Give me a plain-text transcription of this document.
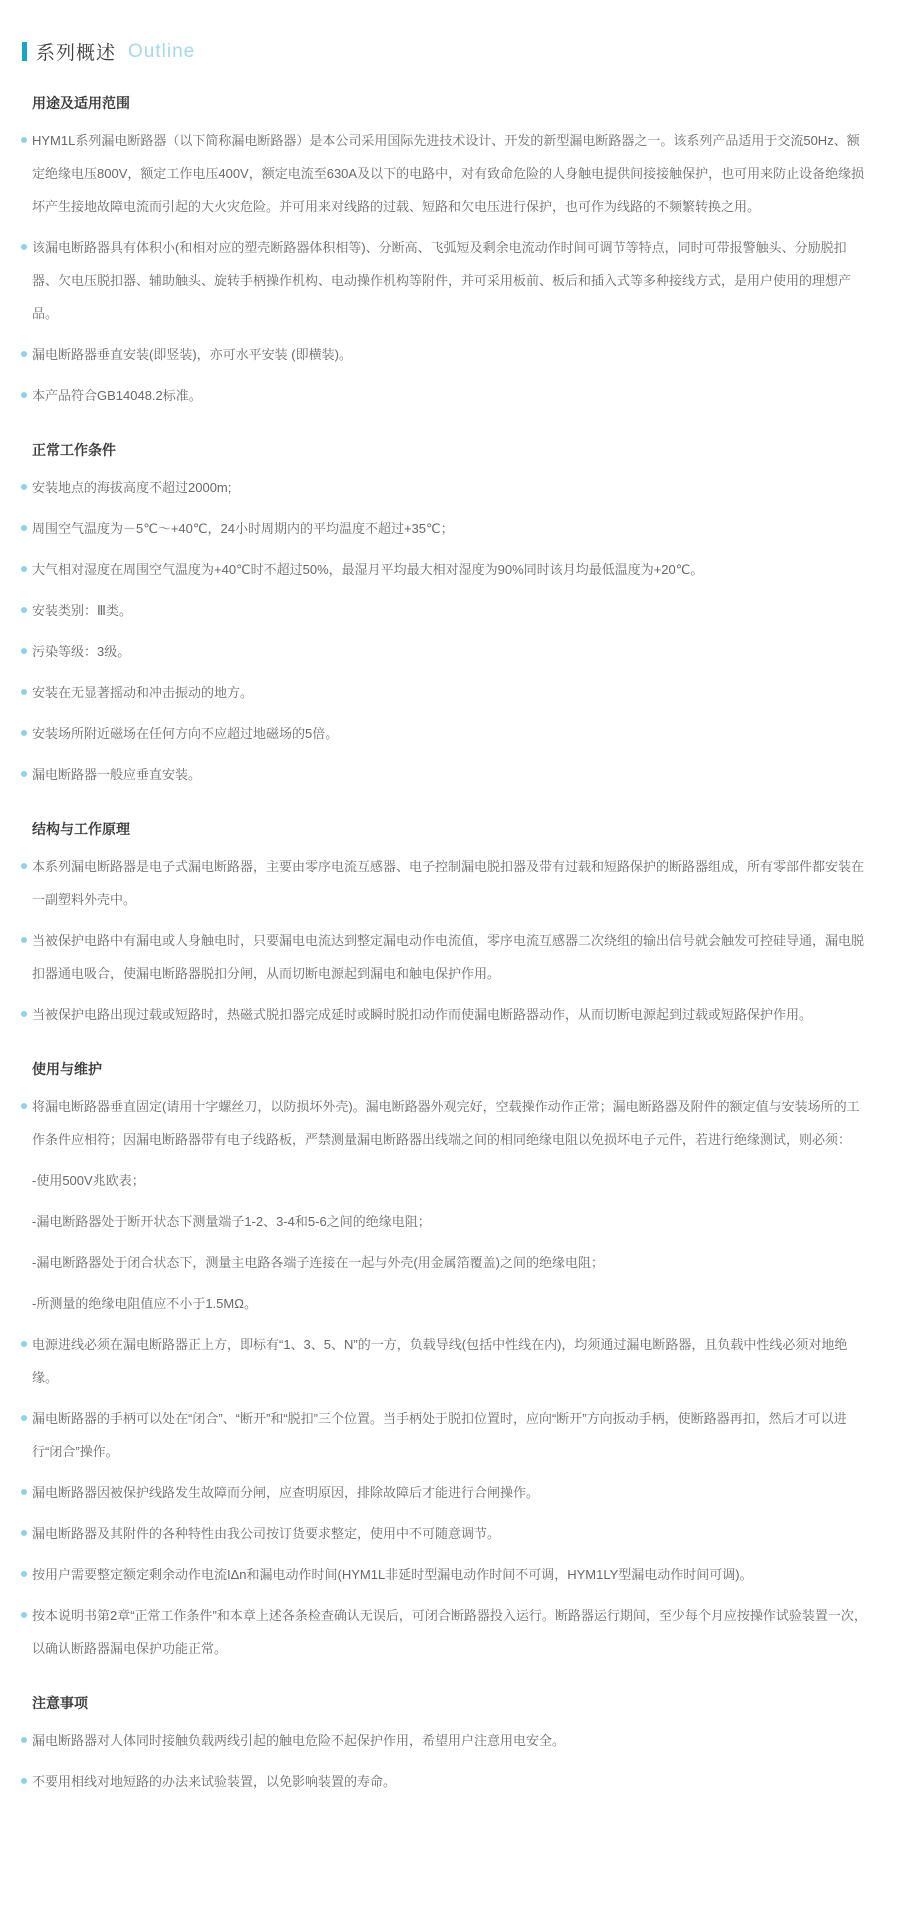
系列概述 Outline
用途及适用范围
HYM1L系列漏电断路器（以下简称漏电断路器）是本公司采用国际先进技术设计、开发的新型漏电断路器之一。该系列产品适用于交流50Hz、额定绝缘电压800V，额定工作电压400V，额定电流至630A及以下的电路中，对有致命危险的人身触电提供间接接触保护，也可用来防止设备绝缘损坏产生接地故障电流而引起的大火灾危险。并可用来对线路的过载、短路和欠电压进行保护，也可作为线路的不频繁转换之用。
该漏电断路器具有体积小(和相对应的塑壳断路器体积相等)、分断高、飞弧短及剩余电流动作时间可调节等特点，同时可带报警触头、分励脱扣器、欠电压脱扣器、辅助触头、旋转手柄操作机构、电动操作机构等附件，并可采用板前、板后和插入式等多种接线方式，是用户使用的理想产品。
漏电断路器垂直安装(即竖装)，亦可水平安装 (即横装)。
本产品符合GB14048.2标准。
正常工作条件
安装地点的海拔高度不超过2000m;
周围空气温度为－5℃～+40℃，24小时周期内的平均温度不超过+35℃；
大气相对湿度在周围空气温度为+40℃时不超过50%，最湿月平均最大相对湿度为90%同时该月均最低温度为+20℃。
安装类别：Ⅲ类。
污染等级：3级。
安装在无显著摇动和冲击振动的地方。
安装场所附近磁场在任何方向不应超过地磁场的5倍。
漏电断路器一般应垂直安装。
结构与工作原理
本系列漏电断路器是电子式漏电断路器，主要由零序电流互感器、电子控制漏电脱扣器及带有过载和短路保护的断路器组成，所有零部件都安装在一副塑料外壳中。
当被保护电路中有漏电或人身触电时，只要漏电电流达到整定漏电动作电流值，零序电流互感器二次绕组的输出信号就会触发可控硅导通，漏电脱扣器通电吸合，使漏电断路器脱扣分闸，从而切断电源起到漏电和触电保护作用。
当被保护电路出现过载或短路时，热磁式脱扣器完成延时或瞬时脱扣动作而使漏电断路器动作，从而切断电源起到过载或短路保护作用。
使用与维护
将漏电断路器垂直固定(请用十字螺丝刀，以防损坏外壳)。漏电断路器外观完好，空载操作动作正常；漏电断路器及附件的额定值与安装场所的工作条件应相符；因漏电断路器带有电子线路板，严禁测量漏电断路器出线端之间的相同绝缘电阻以免损坏电子元件，若进行绝缘测试，则必须：
-使用500V兆欧表；
-漏电断路器处于断开状态下测量端子1-2、3-4和5-6之间的绝缘电阻；
-漏电断路器处于闭合状态下，测量主电路各端子连接在一起与外壳(用金属箔覆盖)之间的绝缘电阻；
-所测量的绝缘电阻值应不小于1.5MΩ。
电源进线必须在漏电断路器正上方，即标有“1、3、5、N”的一方，负载导线(包括中性线在内)，均须通过漏电断路器，且负载中性线必须对地绝缘。
漏电断路器的手柄可以处在“闭合”、“断开”和“脱扣”三个位置。当手柄处于脱扣位置时，应向“断开”方向扳动手柄，使断路器再扣，然后才可以进行“闭合”操作。
漏电断路器因被保护线路发生故障而分闸，应查明原因，排除故障后才能进行合闸操作。
漏电断路器及其附件的各种特性由我公司按订货要求整定，使用中不可随意调节。
按用户需要整定额定剩余动作电流IΔn和漏电动作时间(HYM1L非延时型漏电动作时间不可调，HYM1LY型漏电动作时间可调)。
按本说明书第2章“正常工作条件”和本章上述各条检查确认无误后，可闭合断路器投入运行。断路器运行期间，至少每个月应按操作试验装置一次，以确认断路器漏电保护功能正常。
注意事项
漏电断路器对人体同时接触负载两线引起的触电危险不起保护作用，希望用户注意用电安全。
不要用相线对地短路的办法来试验装置，以免影响装置的寿命。
